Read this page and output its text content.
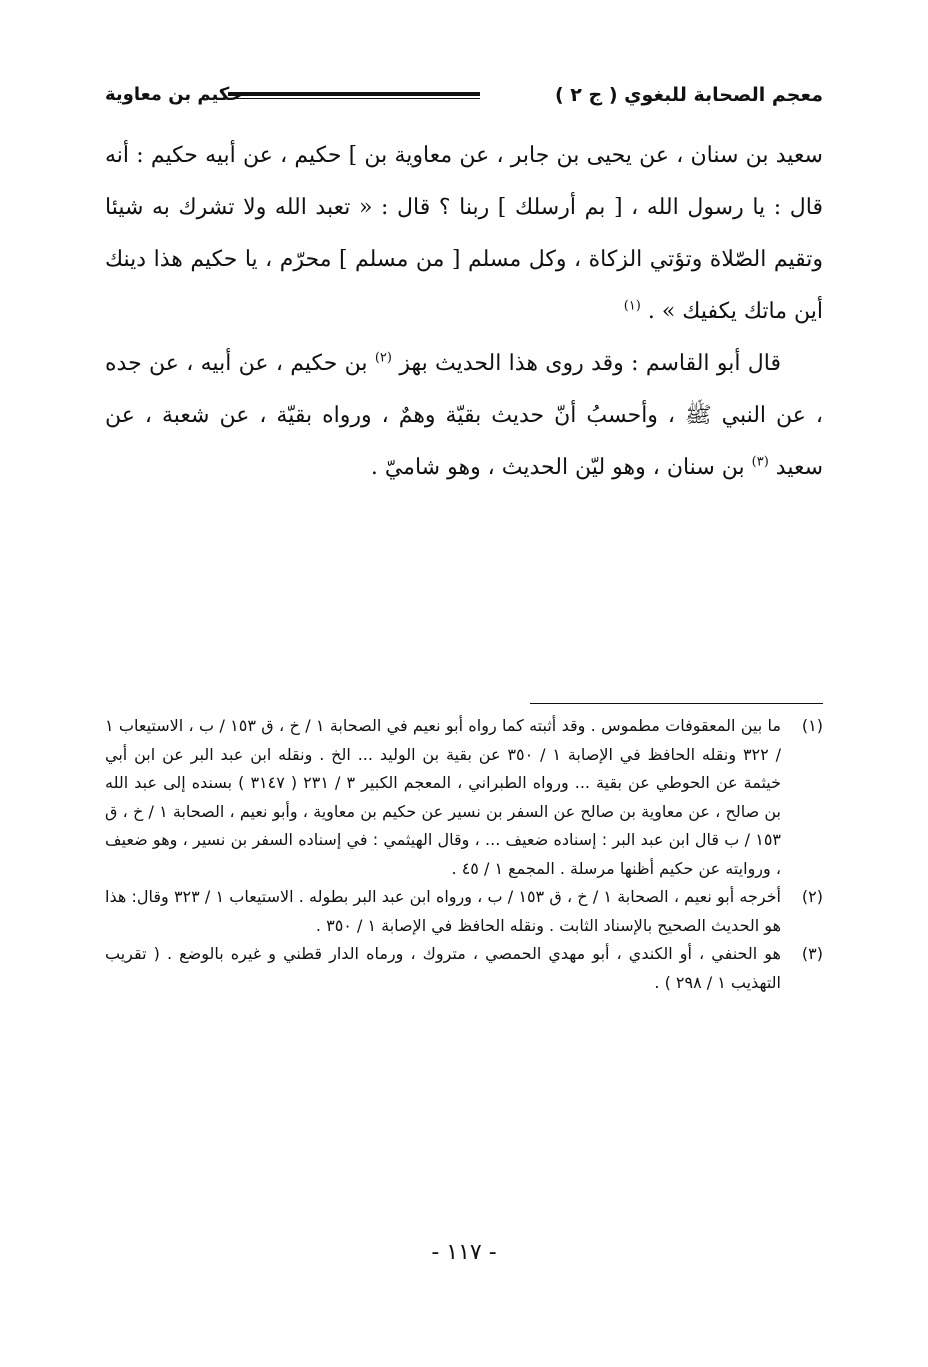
معجم الصحابة للبغوي ( ج ٢ )
حكيم بن معاوية

سعيد بن سنان ، عن يحيى بن جابر ، عن معاوية بن ] حكيم ، عن أبيه حكيم : أنه قال : يا رسول الله ، [ بم أرسلك ] ربنا ؟ قال : « تعبد الله ولا تشرك به شيئا وتقيم الصّلاة وتؤتي الزكاة ، وكل مسلم [ من مسلم ] محرّم ، يا حكيم هذا دينك أين ماتك يكفيك » . $^{(١)}$

قال أبو القاسم : وقد روى هذا الحديث بهز $^{(٢)}$ بن حكيم ، عن أبيه ، عن جده ، عن النبي ﷺ ، وأحسبُ أنّ حديث بقيّة وهمٌ ، ورواه بقيّة ، عن شعبة ، عن سعيد $^{(٣)}$ بن سنان ، وهو ليّن الحديث ، وهو شاميّ .

(١)
ما بين المعقوفات مطموس . وقد أثبته كما رواه أبو نعيم في الصحابة ١ / خ ، ق ١٥٣ / ب ، الاستيعاب ١ / ٣٢٢ ونقله الحافظ في الإصابة ١ / ٣٥٠ عن بقية بن الوليد ... الخ . ونقله ابن عبد البر عن ابن أبي خيثمة عن الحوطي عن بقية ... ورواه الطبراني ، المعجم الكبير ٣ / ٢٣١ ( ٣١٤٧ ) بسنده إلى عبد الله بن صالح ، عن معاوية بن صالح عن السفر بن نسير عن حكيم بن معاوية ، وأبو نعيم ، الصحابة ١ / خ ، ق ١٥٣ / ب قال ابن عبد البر : إسناده ضعيف ... ، وقال الهيثمي : في إسناده السفر بن نسير ، وهو ضعيف ، وروايته عن حكيم أظنها مرسلة . المجمع ١ / ٤٥ .
(٢)
أخرجه أبو نعيم ، الصحابة ١ / خ ، ق ١٥٣ / ب ، ورواه ابن عبد البر بطوله . الاستيعاب ١ / ٣٢٣ وقال: هذا هو الحديث الصحيح بالإسناد الثابت . ونقله الحافظ في الإصابة ١ / ٣٥٠ .
(٣)
هو الحنفي ، أو الكندي ، أبو مهدي الحمصي ، متروك ، ورماه الدار قطني و غيره بالوضع . ( تقريب التهذيب ١ / ٢٩٨ ) .
- ١١٧ -
